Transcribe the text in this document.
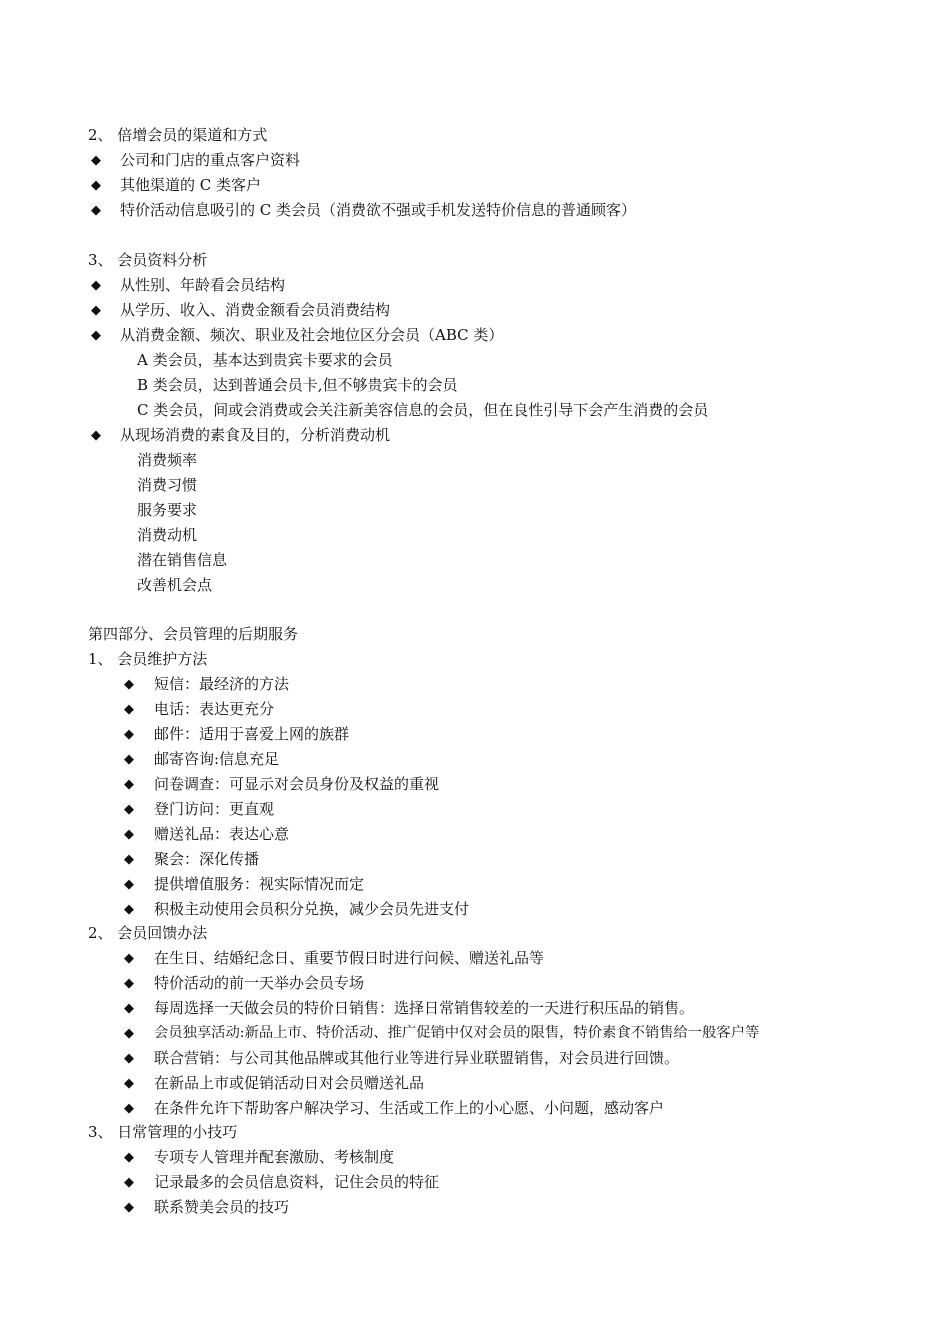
2、 倍增会员的渠道和方式
◆ 公司和门店的重点客户资料
◆ 其他渠道的 C 类客户
◆ 特价活动信息吸引的 C 类会员（消费欲不强或手机发送特价信息的普通顾客）
3、 会员资料分析
◆ 从性别、年龄看会员结构
◆ 从学历、收入、消费金额看会员消费结构
◆ 从消费金额、频次、职业及社会地位区分会员（ABC 类）
A 类会员，基本达到贵宾卡要求的会员
B 类会员，达到普通会员卡,但不够贵宾卡的会员
C 类会员，间或会消费或会关注新美容信息的会员，但在良性引导下会产生消费的会员
◆ 从现场消费的素食及目的，分析消费动机
消费频率
消费习惯
服务要求
消费动机
潜在销售信息
改善机会点
第四部分、会员管理的后期服务
1、 会员维护方法
◆ 短信：最经济的方法
◆ 电话：表达更充分
◆ 邮件：适用于喜爱上网的族群
◆ 邮寄咨询:信息充足
◆ 问卷调查：可显示对会员身份及权益的重视
◆ 登门访问：更直观
◆ 赠送礼品：表达心意
◆ 聚会：深化传播
◆ 提供增值服务：视实际情况而定
◆ 积极主动使用会员积分兑换，减少会员先进支付
2、 会员回馈办法
◆ 在生日、结婚纪念日、重要节假日时进行问候、赠送礼品等
◆ 特价活动的前一天举办会员专场
◆ 每周选择一天做会员的特价日销售：选择日常销售较差的一天进行积压品的销售。
◆ 会员独享活动:新品上市、特价活动、推广促销中仅对会员的限售，特价素食不销售给一般客户等
◆ 联合营销：与公司其他品牌或其他行业等进行异业联盟销售，对会员进行回馈。
◆ 在新品上市或促销活动日对会员赠送礼品
◆ 在条件允许下帮助客户解决学习、生活或工作上的小心愿、小问题，感动客户
3、 日常管理的小技巧
◆ 专项专人管理并配套激励、考核制度
◆ 记录最多的会员信息资料，记住会员的特征
◆ 联系赞美会员的技巧
